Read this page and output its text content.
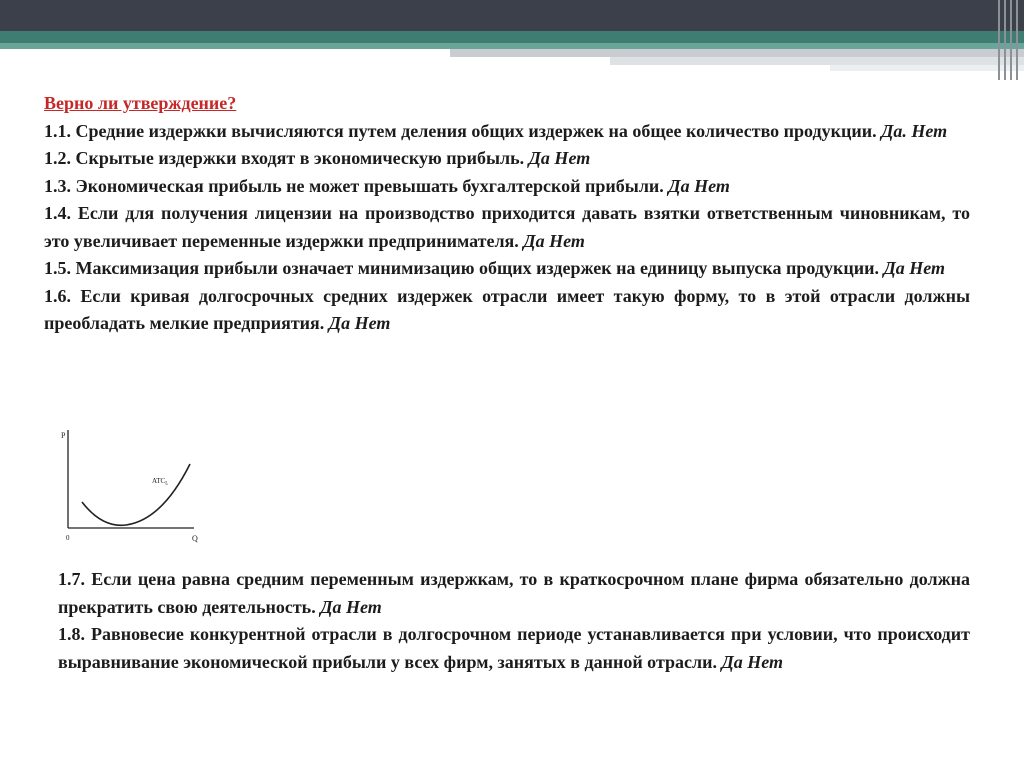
Верно ли утверждение?

1.1. Средние издержки вычисляются путем деления общих издержек на общее количество продукции. Да. Нет

1.2. Скрытые издержки входят в экономическую прибыль. Да Нет

1.3. Экономическая прибыль не может превышать бухгалтерской прибыли. Да Нет

1.4. Если для получения лицензии на производство приходится давать взятки ответственным чиновникам, то это увеличивает переменные издержки предпринимателя. Да Нет

1.5. Максимизация прибыли означает минимизацию общих издержек на единицу выпуска продукции. Да Нет

1.6. Если кривая долгосрочных средних издержек отрасли имеет такую форму, то в этой отрасли должны преобладать мелкие предприятия. Да Нет

P
Q
0
$ATC_L$

1.7. Если цена равна средним переменным издержкам, то в краткосрочном плане фирма обязательно должна прекратить свою деятельность. Да Нет

1.8. Равновесие конкурентной отрасли в долгосрочном периоде устанавливается при условии, что происходит выравнивание экономической прибыли у всех фирм, занятых в данной отрасли. Да Нет
